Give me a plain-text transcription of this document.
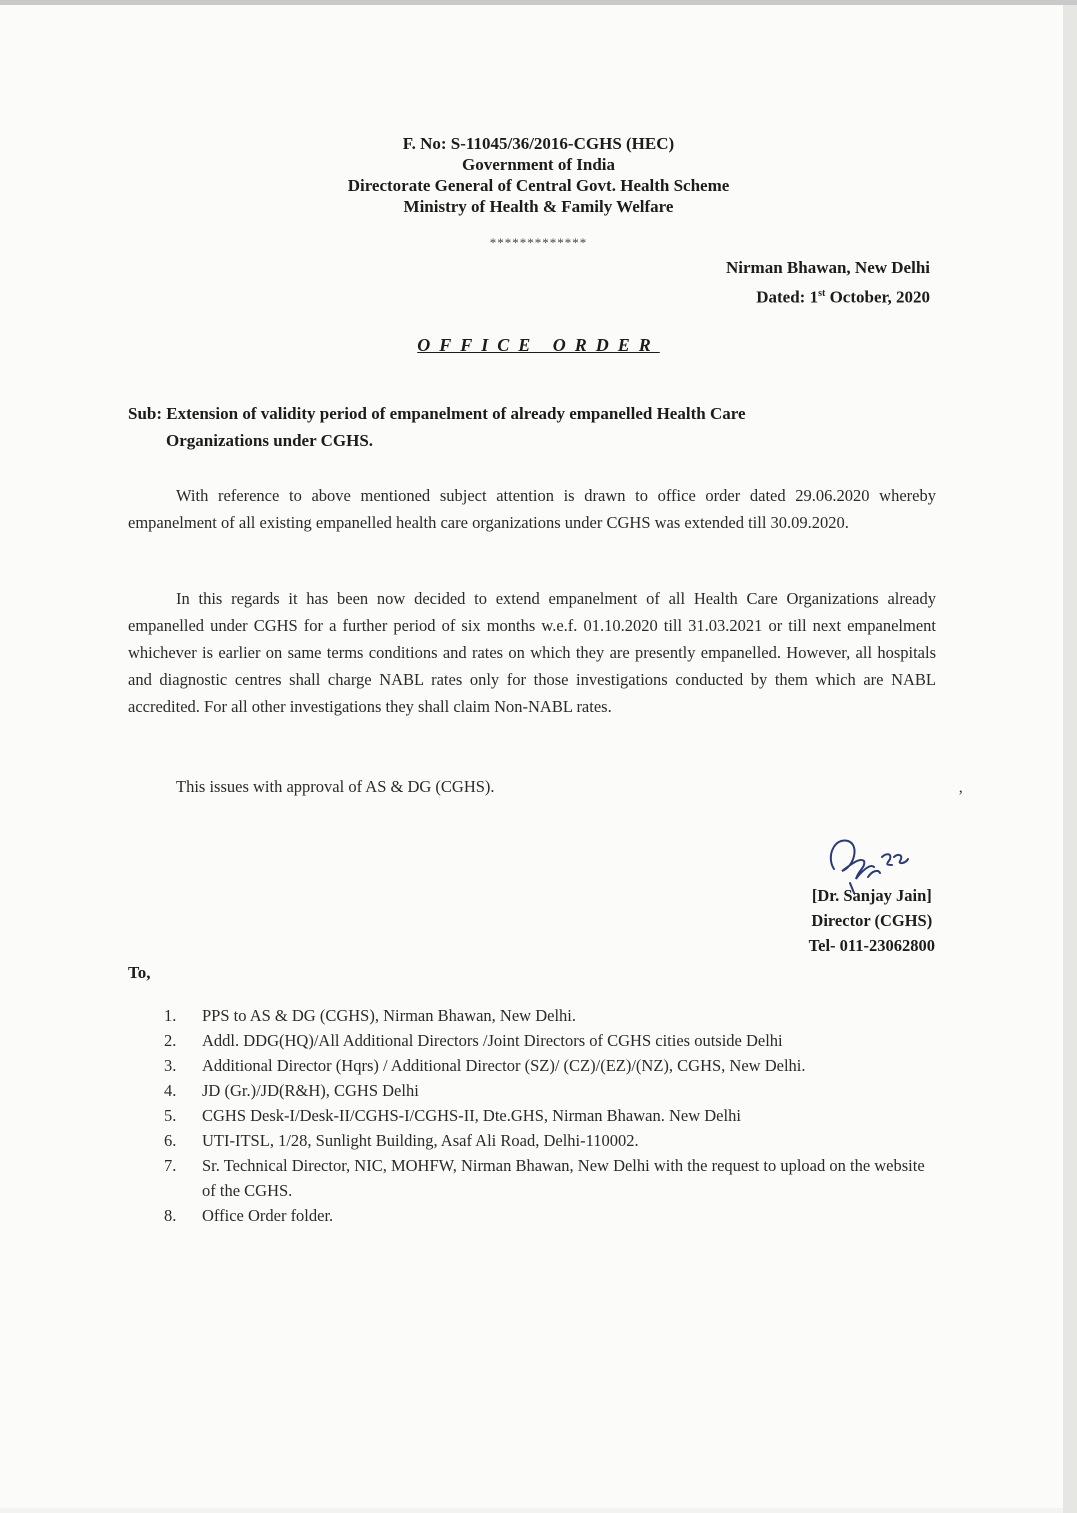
F. No: S-11045/36/2016-CGHS (HEC)
Government of India
Directorate General of Central Govt. Health Scheme
Ministry of Health & Family Welfare
*************
Nirman Bhawan, New Delhi
Dated: 1st October, 2020
OFFICE ORDER
Sub: Extension of validity period of empanelment of already empanelled Health Care
Organizations under CGHS.
With reference to above mentioned subject attention is drawn to office order dated 29.06.2020 whereby empanelment of all existing empanelled health care organizations under CGHS was extended till 30.09.2020.
In this regards it has been now decided to extend empanelment of all Health Care Organizations already empanelled under CGHS for a further period of six months w.e.f. 01.10.2020 till 31.03.2021 or till next empanelment whichever is earlier on same terms conditions and rates on which they are presently empanelled. However, all hospitals and diagnostic centres shall charge NABL rates only for those investigations conducted by them which are NABL accredited. For all other investigations they shall claim Non-NABL rates.
This issues with approval of AS & DG (CGHS).
’
[Dr. Sanjay Jain]
Director (CGHS)
Tel- 011-23062800
To,
1. PPS to AS & DG (CGHS), Nirman Bhawan, New Delhi.
2. Addl. DDG(HQ)/All Additional Directors /Joint Directors of CGHS cities outside Delhi
3. Additional Director (Hqrs) / Additional Director (SZ)/ (CZ)/(EZ)/(NZ), CGHS, New Delhi.
4. JD (Gr.)/JD(R&H), CGHS Delhi
5. CGHS Desk-I/Desk-II/CGHS-I/CGHS-II, Dte.GHS, Nirman Bhawan. New Delhi
6. UTI-ITSL, 1/28, Sunlight Building, Asaf Ali Road, Delhi-110002.
7. Sr. Technical Director, NIC, MOHFW, Nirman Bhawan, New Delhi with the request to upload on the website of the CGHS.
8. Office Order folder.
